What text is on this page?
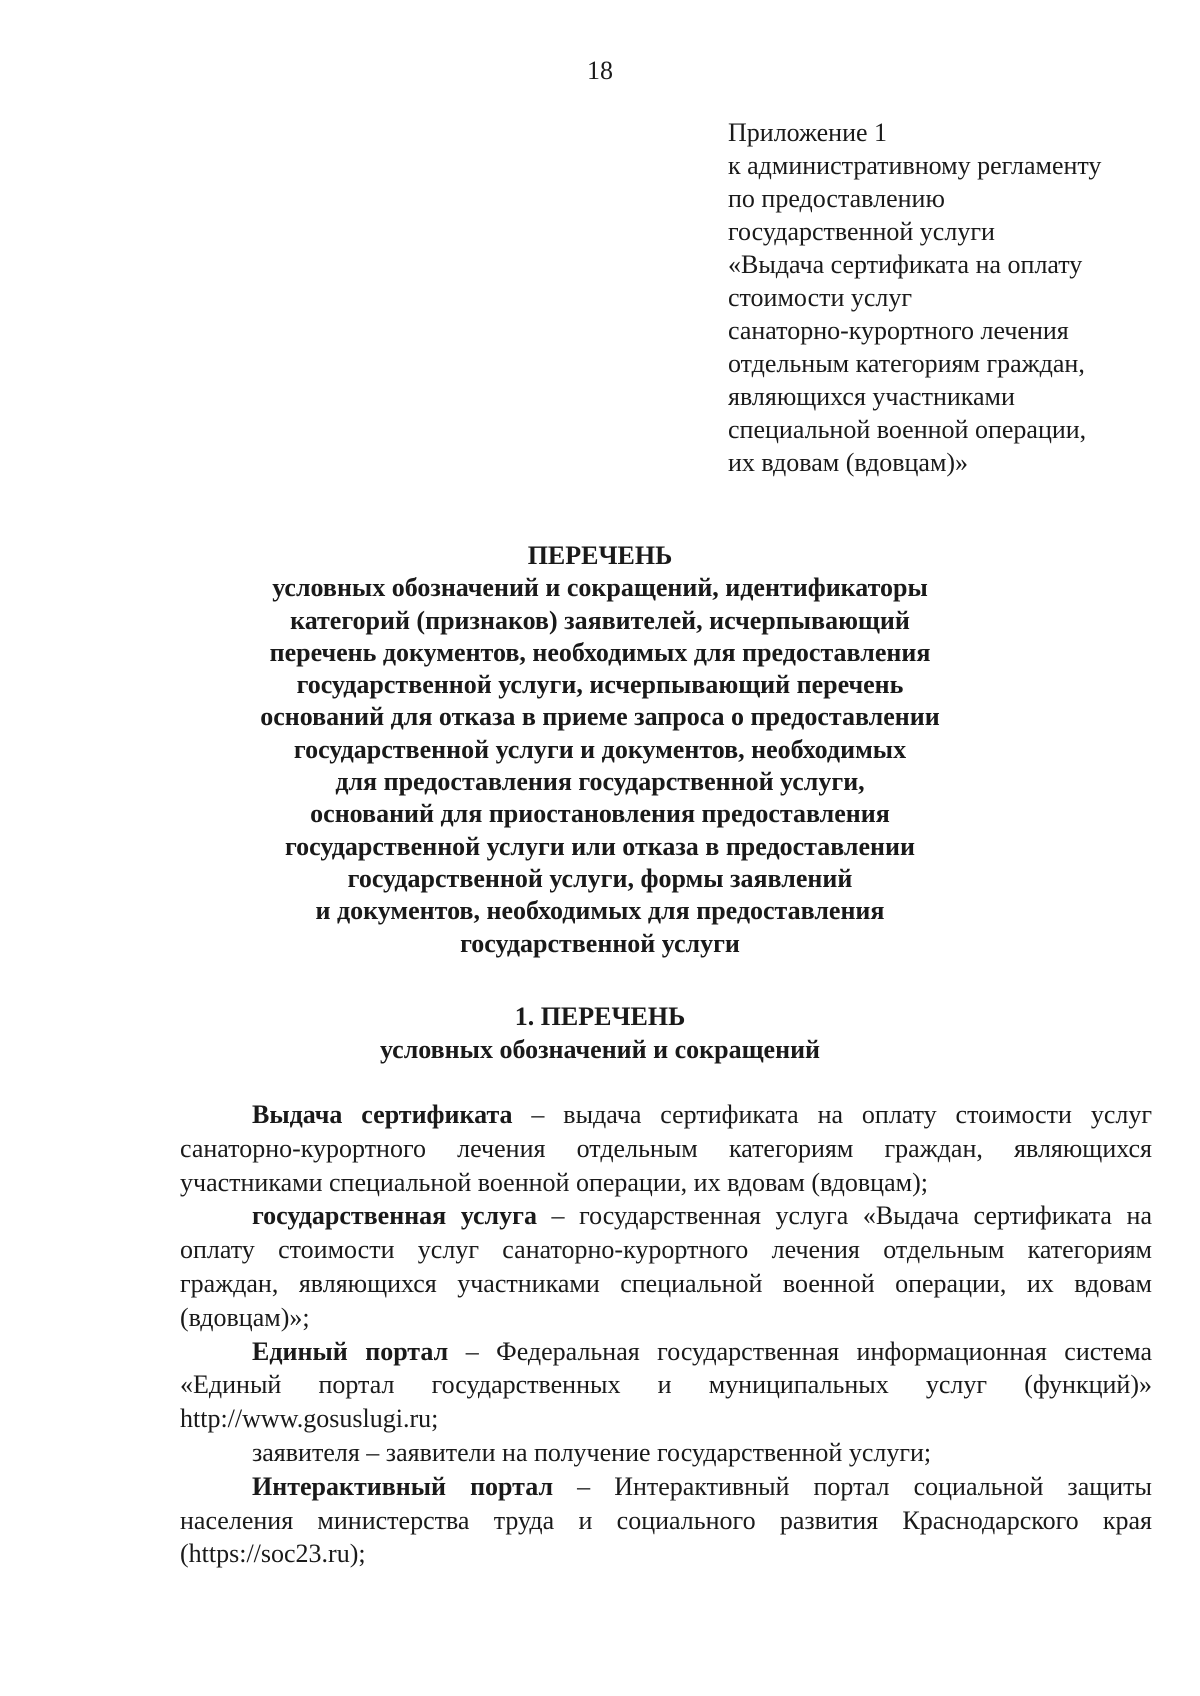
18
Приложение 1
к административному регламенту
по предоставлению
государственной услуги
«Выдача сертификата на оплату
стоимости услуг
санаторно-курортного лечения
отдельным категориям граждан,
являющихся участниками
специальной военной операции,
их вдовам (вдовцам)»
ПЕРЕЧЕНЬ
условных обозначений и сокращений, идентификаторы
категорий (признаков) заявителей, исчерпывающий
перечень документов, необходимых для предоставления
государственной услуги, исчерпывающий перечень
оснований для отказа в приеме запроса о предоставлении
государственной услуги и документов, необходимых
для предоставления государственной услуги,
оснований для приостановления предоставления
государственной услуги или отказа в предоставлении
государственной услуги, формы заявлений
и документов, необходимых для предоставления
государственной услуги
1. ПЕРЕЧЕНЬ
условных обозначений и сокращений

Выдача сертификата – выдача сертификата на оплату стоимости услуг санаторно-курортного лечения отдельным категориям граждан, являющихся участниками специальной военной операции, их вдовам (вдовцам);

государственная услуга – государственная услуга «Выдача сертификата на оплату стоимости услуг санаторно-курортного лечения отдельным категориям граждан, являющихся участниками специальной военной операции, их вдовам (вдовцам)»;

Единый портал – Федеральная государственная информационная система «Единый портал государственных и муниципальных услуг (функций)» http://www.gosuslugi.ru;

заявителя – заявители на получение государственной услуги;

Интерактивный портал – Интерактивный портал социальной защиты населения министерства труда и социального развития Краснодарского края (https://soc23.ru);
